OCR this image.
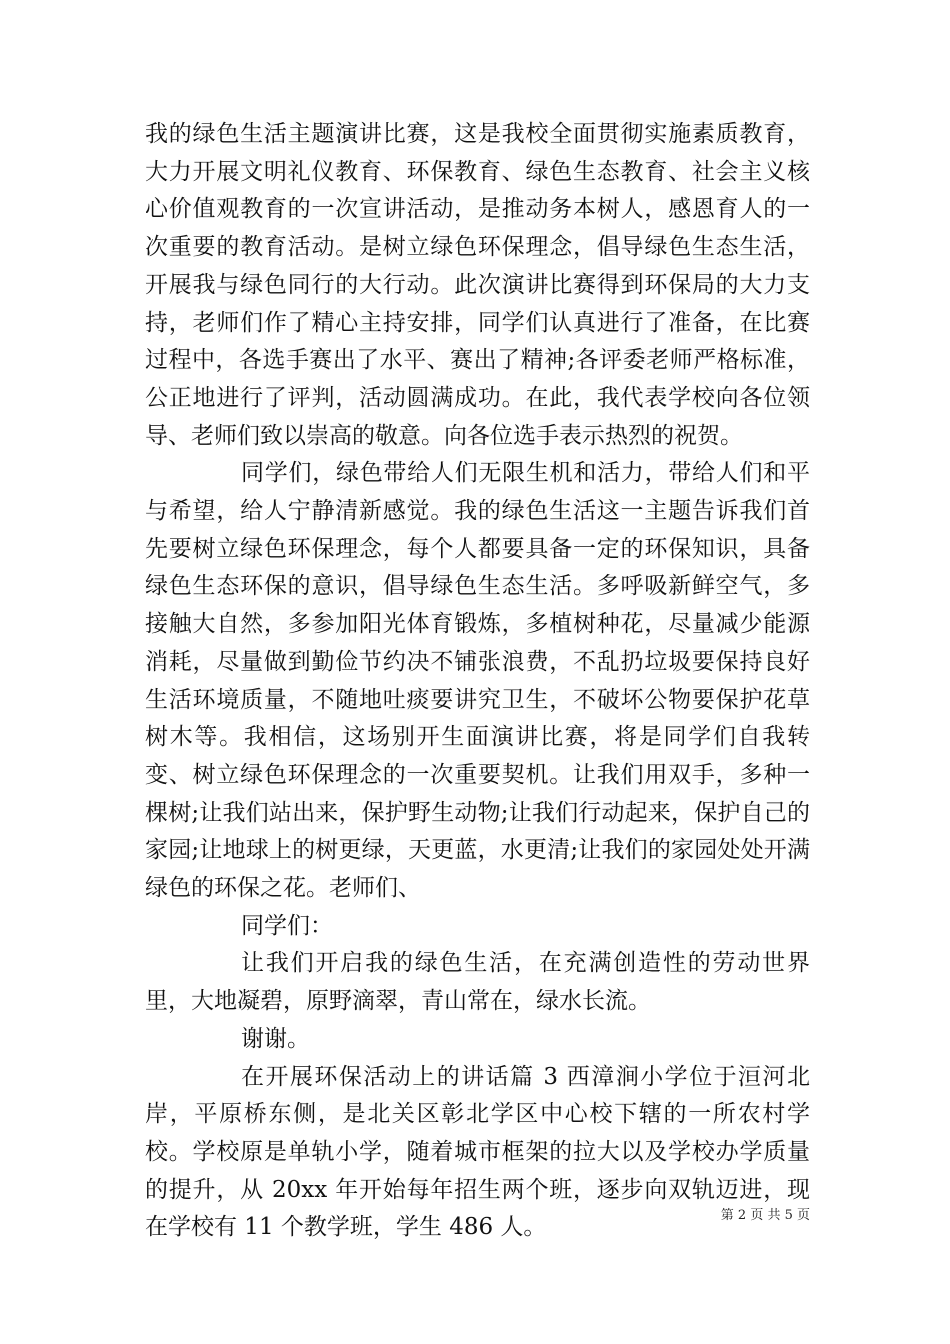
我的绿色生活主题演讲比赛，这是我校全面贯彻实施素质教育，大力开展文明礼仪教育、环保教育、绿色生态教育、社会主义核心价值观教育的一次宣讲活动，是推动务本树人，感恩育人的一次重要的教育活动。是树立绿色环保理念，倡导绿色生态生活，开展我与绿色同行的大行动。此次演讲比赛得到环保局的大力支持，老师们作了精心主持安排，同学们认真进行了准备，在比赛过程中，各选手赛出了水平、赛出了精神;各评委老师严格标准，公正地进行了评判，活动圆满成功。在此，我代表学校向各位领导、老师们致以崇高的敬意。向各位选手表示热烈的祝贺。

同学们，绿色带给人们无限生机和活力，带给人们和平与希望，给人宁静清新感觉。我的绿色生活这一主题告诉我们首先要树立绿色环保理念，每个人都要具备一定的环保知识，具备绿色生态环保的意识，倡导绿色生态生活。多呼吸新鲜空气，多接触大自然，多参加阳光体育锻炼，多植树种花，尽量减少能源消耗，尽量做到勤俭节约决不铺张浪费，不乱扔垃圾要保持良好生活环境质量，不随地吐痰要讲究卫生，不破坏公物要保护花草树木等。我相信，这场别开生面演讲比赛，将是同学们自我转变、树立绿色环保理念的一次重要契机。让我们用双手，多种一棵树;让我们站出来，保护野生动物;让我们行动起来，保护自己的家园;让地球上的树更绿，天更蓝，水更清;让我们的家园处处开满绿色的环保之花。老师们、

同学们：

让我们开启我的绿色生活，在充满创造性的劳动世界里，大地凝碧，原野滴翠，青山常在，绿水长流。

谢谢。

在开展环保活动上的讲话篇 3 西漳涧小学位于洹河北岸，平原桥东侧，是北关区彰北学区中心校下辖的一所农村学校。学校原是单轨小学，随着城市框架的拉大以及学校办学质量的提升，从 20xx 年开始每年招生两个班，逐步向双轨迈进，现在学校有 11 个教学班，学生 486 人。	第 2 页 共 5 页
